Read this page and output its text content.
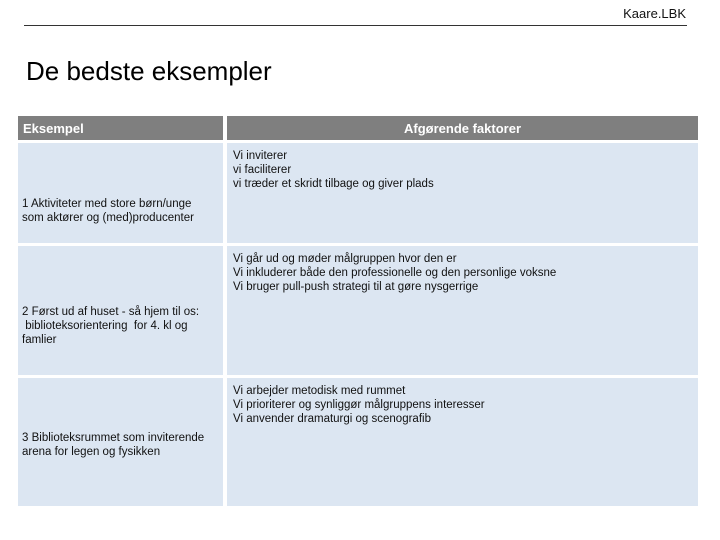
Kaare.LBK
De bedste eksempler
Eksempel	Afgørende faktorer
1 Aktiviteter med store børn/unge
som aktører og (med)producenter
Vi inviterer
vi faciliterer
vi træder et skridt tilbage og giver plads
2 Først ud af huset - så hjem til os:
biblioteksorientering  for 4. kl og
famlier
Vi går ud og møder målgruppen hvor den er
Vi inkluderer både den professionelle og den personlige voksne
Vi bruger pull-push strategi til at gøre nysgerrige
3 Biblioteksrummet som inviterende
arena for legen og fysikken
Vi arbejder metodisk med rummet
Vi prioriterer og synliggør målgruppens interesser
Vi anvender dramaturgi og scenografib
